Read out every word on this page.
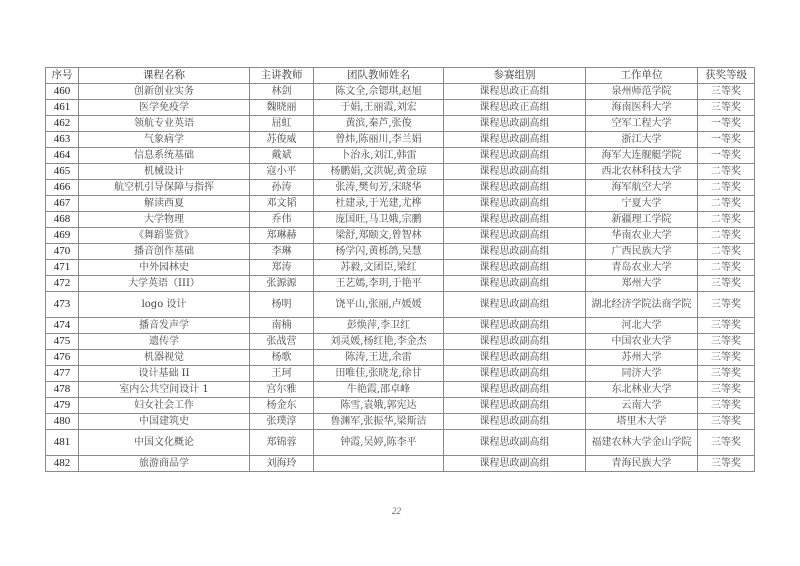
序号	课程名称	主讲教师	团队教师姓名	参赛组别	工作单位	获奖等级
460	创新创业实务	林剑	陈文全,佘锶琪,赵旭	课程思政正高组	泉州师范学院	三等奖
461	医学免疫学	魏晓丽	于娟,王丽霞,刘宏	课程思政正高组	海南医科大学	三等奖
462	领航专业英语	屈虹	黄滨,秦芦,张俊	课程思政副高组	空军工程大学	一等奖
463	气象病学	苏俊威	曾炜,陈丽川,李兰娟	课程思政副高组	浙江大学	一等奖
464	信息系统基础	戴斌	卜治永,刘江,韩雷	课程思政副高组	海军大连舰艇学院	一等奖
465	机械设计	寇小平	杨鹏娟,文洪妮,黄金琼	课程思政副高组	西北农林科技大学	二等奖
466	航空机引导保障与指挥	孙涛	张涛,樊旬芳,宋晓华	课程思政副高组	海军航空大学	二等奖
467	解读西夏	邓文韬	杜建录,于光建,尤桦	课程思政副高组	宁夏大学	二等奖
468	大学物理	乔伟	庞国旺,马卫娥,宗鹏	课程思政副高组	新疆理工学院	二等奖
469	《舞蹈鉴赏》	郑琳赫	梁舒,郑颐文,曾智林	课程思政副高组	华南农业大学	二等奖
470	播音创作基础	李琳	杨学闪,黄栎鸽,吴慧	课程思政副高组	广西民族大学	二等奖
471	中外园林史	郑涛	苏毅,文团臣,梁红	课程思政副高组	青岛农业大学	二等奖
472	大学英语（III）	张源源	王艺嫣,李玥,于艳平	课程思政副高组	郑州大学	三等奖
473	logo 设计	杨明	饶平山,张丽,卢媛媛	课程思政副高组	湖北经济学院法商学院	三等奖
474	播音发声学	南楠	彭焕萍,李卫红	课程思政副高组	河北大学	三等奖
475	遗传学	张战营	刘灵媛,杨红艳,李金杰	课程思政副高组	中国农业大学	三等奖
476	机器视觉	杨歌	陈涛,王进,余雷	课程思政副高组	苏州大学	三等奖
477	设计基础 II	王珂	田唯佳,张晓龙,徐甘	课程思政副高组	同济大学	三等奖
478	室内公共空间设计 1	宫尔雅	牛艳霞,邵卓峰	课程思政副高组	东北林业大学	三等奖
479	妇女社会工作	杨金东	陈雪,袁娥,郭宪达	课程思政副高组	云南大学	三等奖
480	中国建筑史	张璞淳	鲁渊军,张振华,梁斯洁	课程思政副高组	塔里木大学	三等奖
481	中国文化概论	郑锦蓉	钟霞,吴婷,陈李平	课程思政副高组	福建农林大学金山学院	三等奖
482	旅游商品学	刘海玲		课程思政副高组	青海民族大学	三等奖
22
